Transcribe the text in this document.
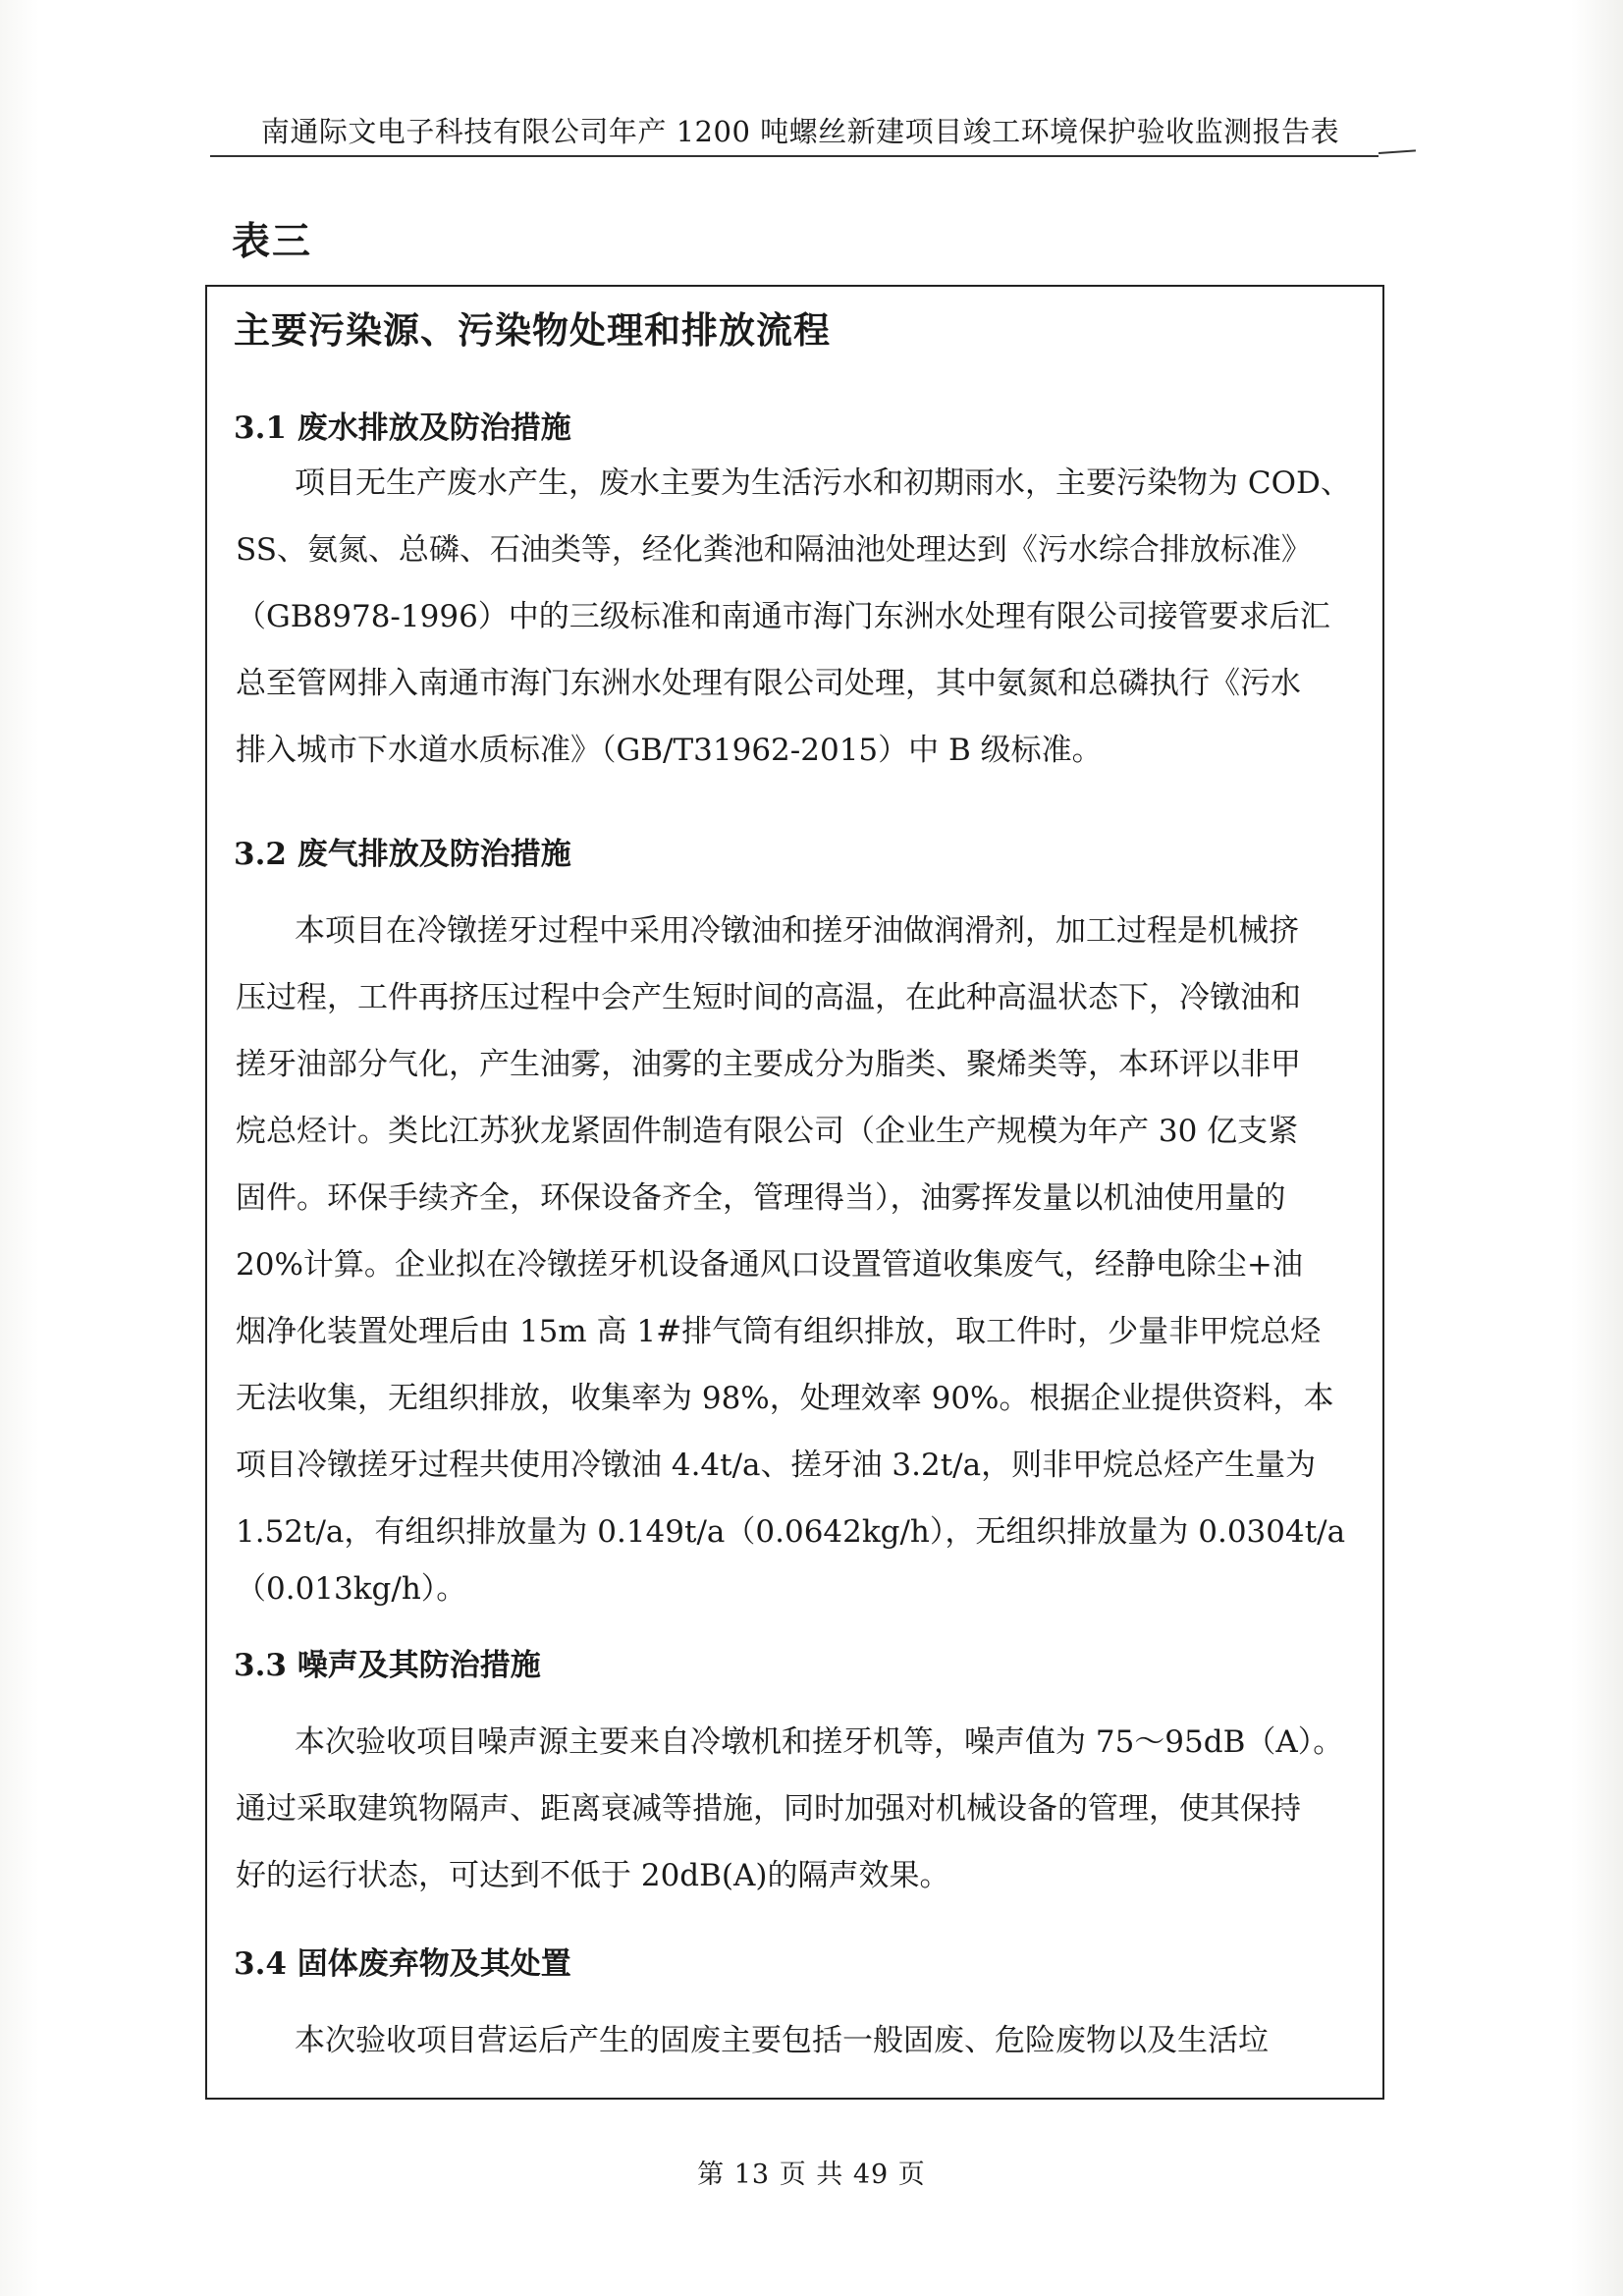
南通际文电子科技有限公司年产 1200 吨螺丝新建项目竣工环境保护验收监测报告表
表三
主要污染源、污染物处理和排放流程
3.1 废水排放及防治措施
项目无生产废水产生，废水主要为生活污水和初期雨水，主要污染物为 COD、
SS、氨氮、总磷、石油类等，经化粪池和隔油池处理达到《污水综合排放标准》
（GB8978-1996）中的三级标准和南通市海门东洲水处理有限公司接管要求后汇
总至管网排入南通市海门东洲水处理有限公司处理，其中氨氮和总磷执行《污水
排入城市下水道水质标准》（GB/T31962-2015）中 B 级标准。
3.2 废气排放及防治措施
本项目在冷镦搓牙过程中采用冷镦油和搓牙油做润滑剂，加工过程是机械挤
压过程，工件再挤压过程中会产生短时间的高温，在此种高温状态下，冷镦油和
搓牙油部分气化，产生油雾，油雾的主要成分为脂类、聚烯类等，本环评以非甲
烷总烃计。类比江苏狄龙紧固件制造有限公司（企业生产规模为年产 30 亿支紧
固件。环保手续齐全，环保设备齐全，管理得当），油雾挥发量以机油使用量的
20%计算。企业拟在冷镦搓牙机设备通风口设置管道收集废气，经静电除尘+油
烟净化装置处理后由 15m 高 1#排气筒有组织排放，取工件时，少量非甲烷总烃
无法收集，无组织排放，收集率为 98%，处理效率 90%。根据企业提供资料，本
项目冷镦搓牙过程共使用冷镦油 4.4t/a、搓牙油 3.2t/a，则非甲烷总烃产生量为
1.52t/a，有组织排放量为 0.149t/a（0.0642kg/h），无组织排放量为 0.0304t/a
（0.013kg/h）。
3.3 噪声及其防治措施
本次验收项目噪声源主要来自冷墩机和搓牙机等，噪声值为 75～95dB（A）。
通过采取建筑物隔声、距离衰减等措施，同时加强对机械设备的管理，使其保持
好的运行状态，可达到不低于 20dB(A)的隔声效果。
3.4 固体废弃物及其处置
本次验收项目营运后产生的固废主要包括一般固废、危险废物以及生活垃
第 13 页 共 49 页
